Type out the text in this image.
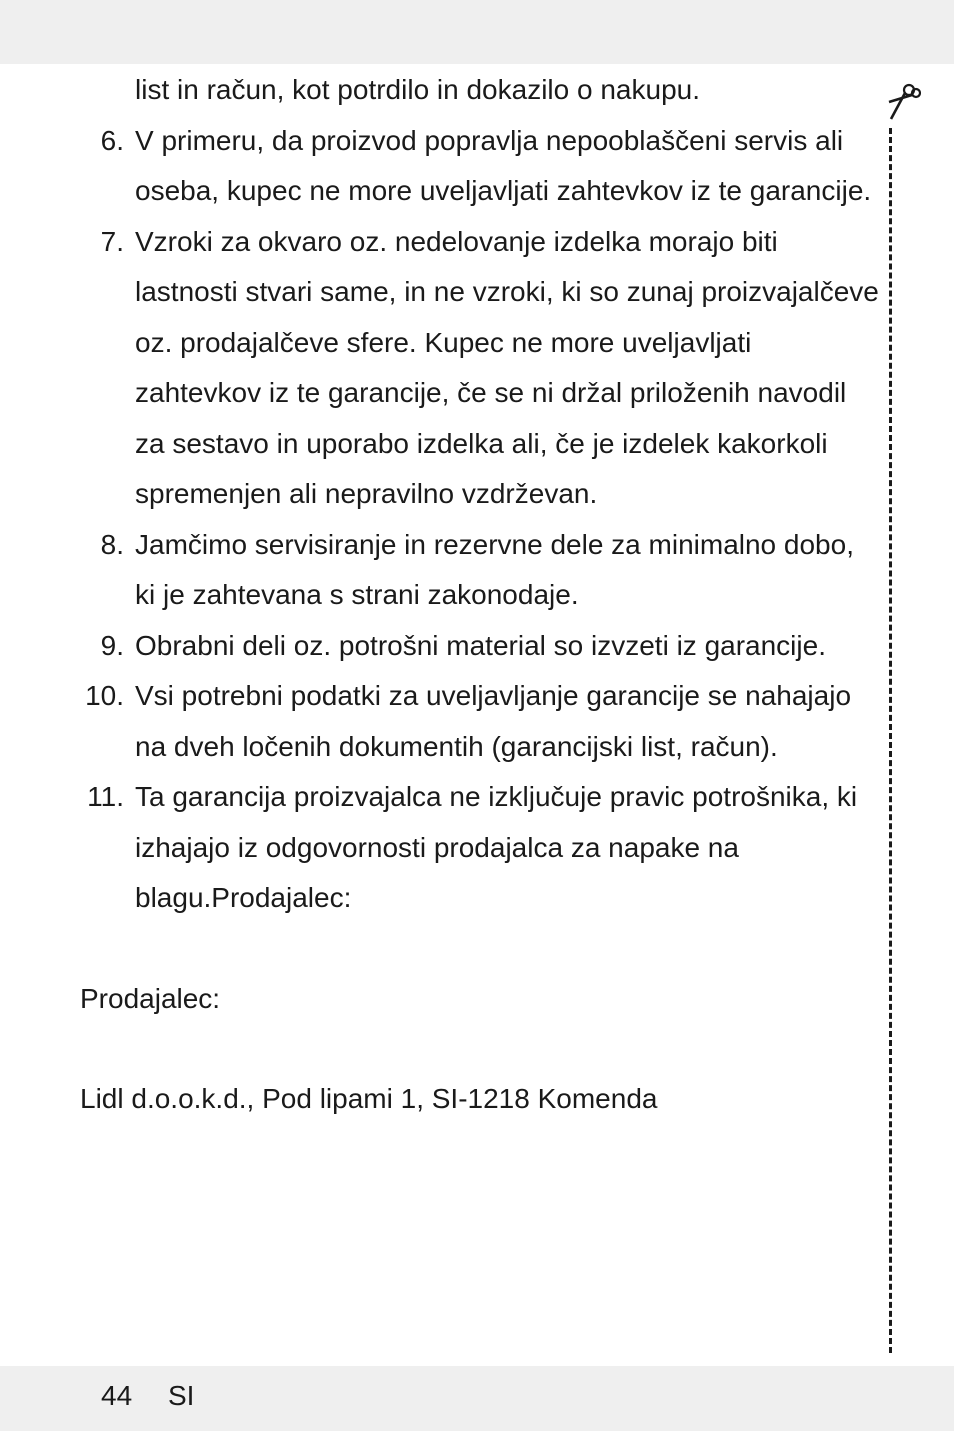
list in račun, kot potrdilo in dokazilo o nakupu.
6. V primeru, da proizvod popravlja nepooblaščeni servis ali oseba, kupec ne more uveljavljati zahtevkov iz te garancije.
7. Vzroki za okvaro oz. nedelovanje izdelka morajo biti lastnosti stvari same, in ne vzroki, ki so zunaj proizvajalčeve oz. prodajalčeve sfere. Kupec ne more uveljavljati zahtevkov iz te garancije, če se ni držal priloženih navodil za sestavo in uporabo izdelka ali, če je izdelek kakorkoli spremenjen ali nepravilno vzdrževan.
8. Jamčimo servisiranje in rezervne dele za minimalno dobo, ki je zahtevana s strani zakonodaje.
9. Obrabni deli oz. potrošni material so izvzeti iz garancije.
10. Vsi potrebni podatki za uveljavljanje garancije se nahajajo na dveh ločenih dokumentih (garancijski list, račun).
11. Ta garancija proizvajalca ne izključuje pravic potrošnika, ki izhajajo iz odgovornosti prodajalca za napake na blagu.Prodajalec:
Prodajalec:
Lidl d.o.o.k.d., Pod lipami 1, SI-1218 Komenda
44 SI
